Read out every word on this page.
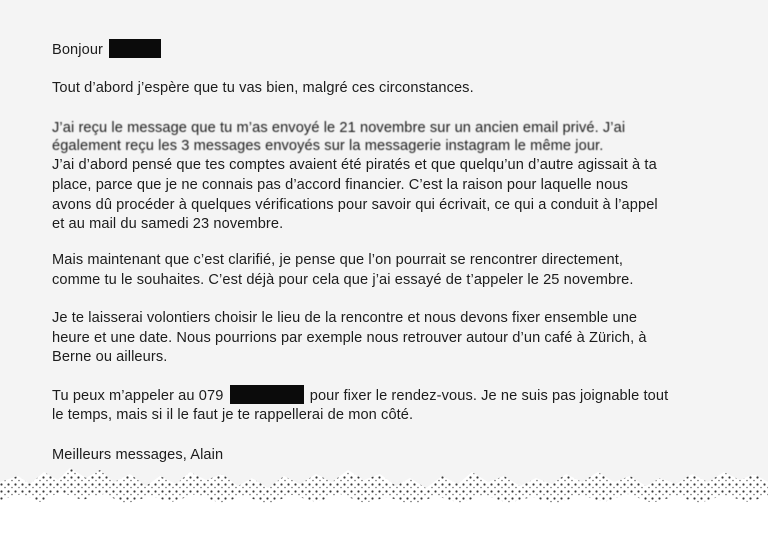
Bonjour
Tout d’abord j’espère que tu vas bien, malgré ces circonstances.
J’ai reçu le message que tu m’as envoyé le 21 novembre sur un ancien email privé. J’ai
également reçu les 3 messages envoyés sur la messagerie instagram le même jour.
J’ai d’abord pensé que tes comptes avaient été piratés et que quelqu’un d’autre agissait à ta
place, parce que je ne connais pas d’accord financier. C’est la raison pour laquelle nous
avons dû procéder à quelques vérifications pour savoir qui écrivait, ce qui a conduit à l’appel
et au mail du samedi 23 novembre.
Mais maintenant que c’est clarifié, je pense que l’on pourrait se rencontrer directement,
comme tu le souhaites. C’est déjà pour cela que j’ai essayé de t’appeler le 25 novembre.
Je te laisserai volontiers choisir le lieu de la rencontre et nous devons fixer ensemble une
heure et une date. Nous pourrions par exemple nous retrouver autour d’un café à Zürich, à
Berne ou ailleurs.
Tu peux m’appeler au 079	pour fixer le rendez-vous. Je ne suis pas joignable tout
le temps, mais si il le faut je te rappellerai de mon côté.
Meilleurs messages, Alain
